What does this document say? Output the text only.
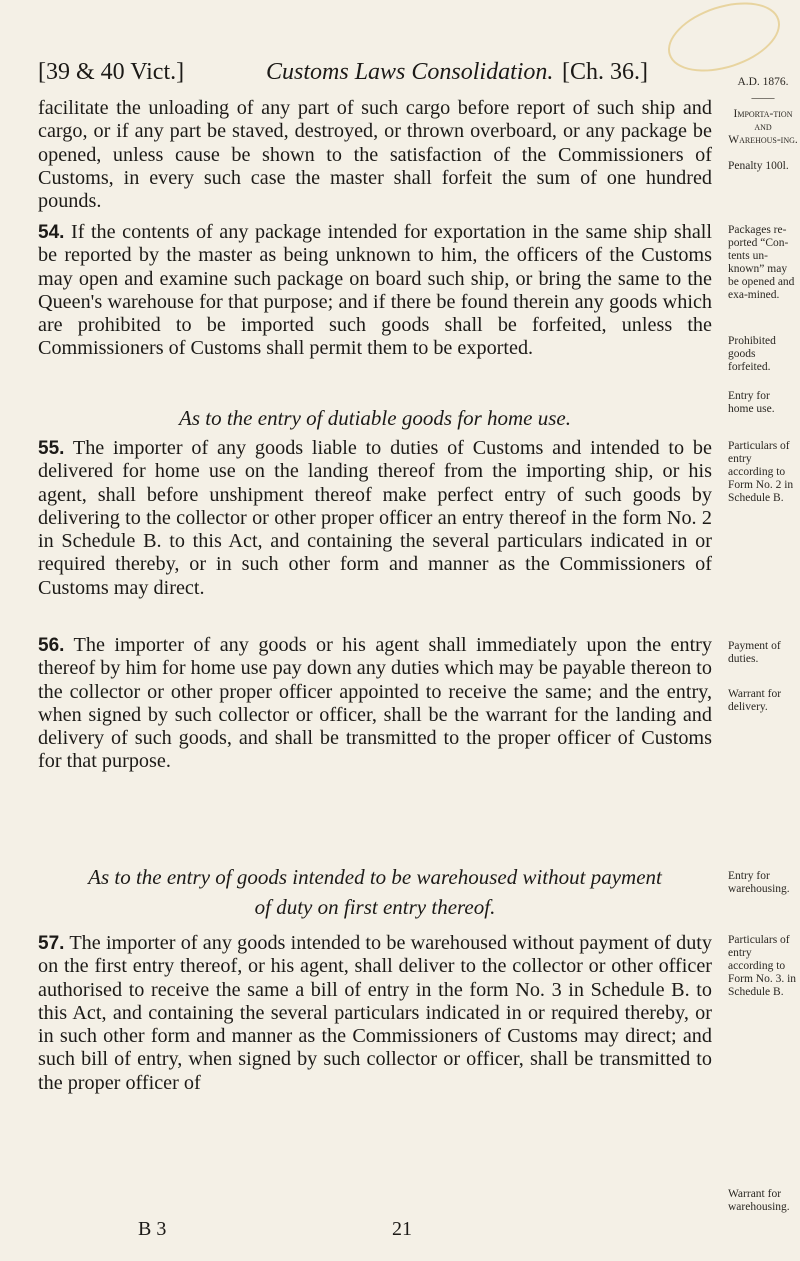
[39 & 40 Vict.]	Customs Laws Consolidation. [Ch. 36.]

facilitate the unloading of any part of such cargo before report of such ship and cargo, or if any part be staved, destroyed, or thrown overboard, or any package be opened, unless cause be shown to the satisfaction of the Commissioners of Customs, in every such case the master shall forfeit the sum of one hundred pounds.

54. If the contents of any package intended for exportation in the same ship shall be reported by the master as being unknown to him, the officers of the Customs may open and examine such package on board such ship, or bring the same to the Queen's warehouse for that purpose; and if there be found therein any goods which are prohibited to be imported such goods shall be forfeited, unless the Commissioners of Customs shall permit them to be exported.

As to the entry of dutiable goods for home use.

55. The importer of any goods liable to duties of Customs and intended to be delivered for home use on the landing thereof from the importing ship, or his agent, shall before unshipment thereof make perfect entry of such goods by delivering to the collector or other proper officer an entry thereof in the form No. 2 in Schedule B. to this Act, and containing the several particulars indicated in or required thereby, or in such other form and manner as the Commissioners of Customs may direct.

56. The importer of any goods or his agent shall immediately upon the entry thereof by him for home use pay down any duties which may be payable thereon to the collector or other proper officer appointed to receive the same; and the entry, when signed by such collector or officer, shall be the warrant for the landing and delivery of such goods, and shall be transmitted to the proper officer of Customs for that purpose.

As to the entry of goods intended to be warehoused without payment
of duty on first entry thereof.

57. The importer of any goods intended to be warehoused without payment of duty on the first entry thereof, or his agent, shall deliver to the collector or other officer authorised to receive the same a bill of entry in the form No. 3 in Schedule B. to this Act, and containing the several particulars indicated in or required thereby, or in such other form and manner as the Commissioners of Customs may direct; and such bill of entry, when signed by such collector or officer, shall be transmitted to the proper officer of

A.D. 1876.
——
Importa-tion and Warehous-ing.
Penalty 100l.
Packages re-ported “Con-tents un-known” may be opened and exa-mined.
Prohibited goods forfeited.
Entry for home use.
Particulars of entry according to Form No. 2 in Schedule B.
Payment of duties.
Warrant for delivery.
Entry for warehousing.
Particulars of entry according to Form No. 3. in Schedule B.
Warrant for warehousing.
B 3	21
